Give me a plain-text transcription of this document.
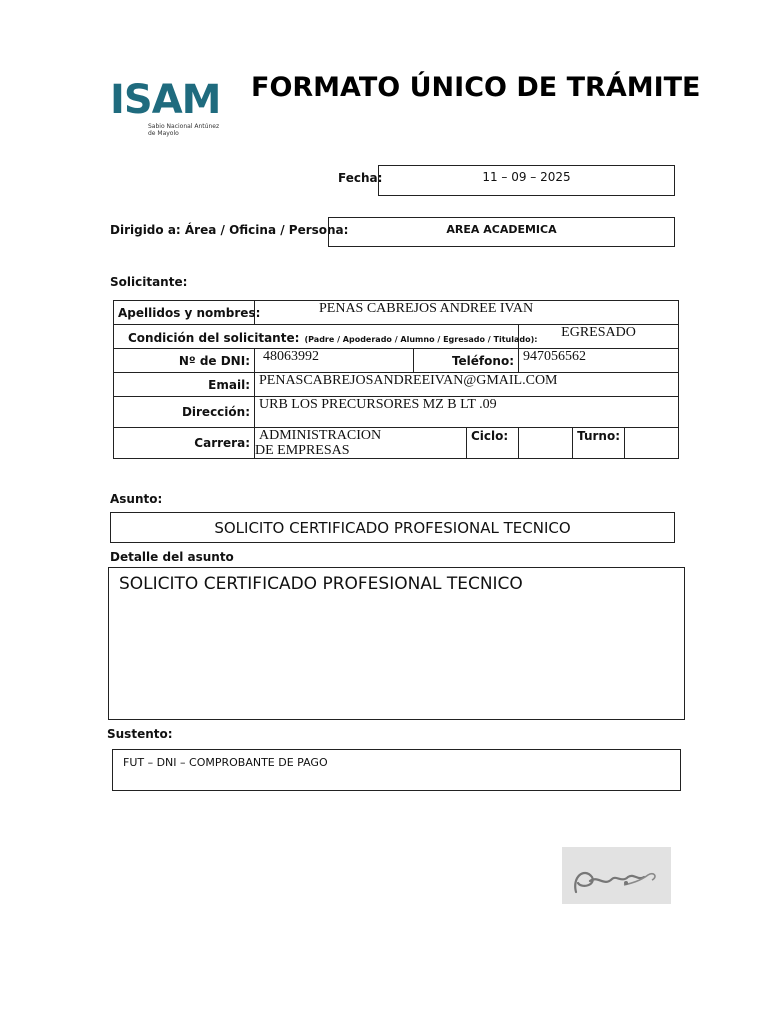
ISAM
Sabio Nacional Antúnez de Mayolo
FORMATO ÚNICO DE TRÁMITE
Fecha:	11 – 09 – 2025
Dirigido a: Área / Oficina / Persona:	AREA ACADEMICA
Solicitante:
Apellidos y nombres:	PENAS CABREJOS ANDREE IVAN					
Condición del solicitante: (Padre / Apoderado / Alumno / Egresado / Titulado):				EGRESADO		
Nº de DNI:	48063992	Teléfono:		947056562		
Email:	PENASCABREJOSANDREEIVAN@GMAIL.COM					
Dirección:	URB LOS PRECURSORES MZ B LT .09					
Carrera:	ADMINISTRACION
DE EMPRESAS		Ciclo:		Turno:	
Asunto:
SOLICITO CERTIFICADO PROFESIONAL TECNICO
Detalle del asunto
SOLICITO CERTIFICADO PROFESIONAL TECNICO
Sustento:
FUT – DNI – COMPROBANTE DE PAGO
